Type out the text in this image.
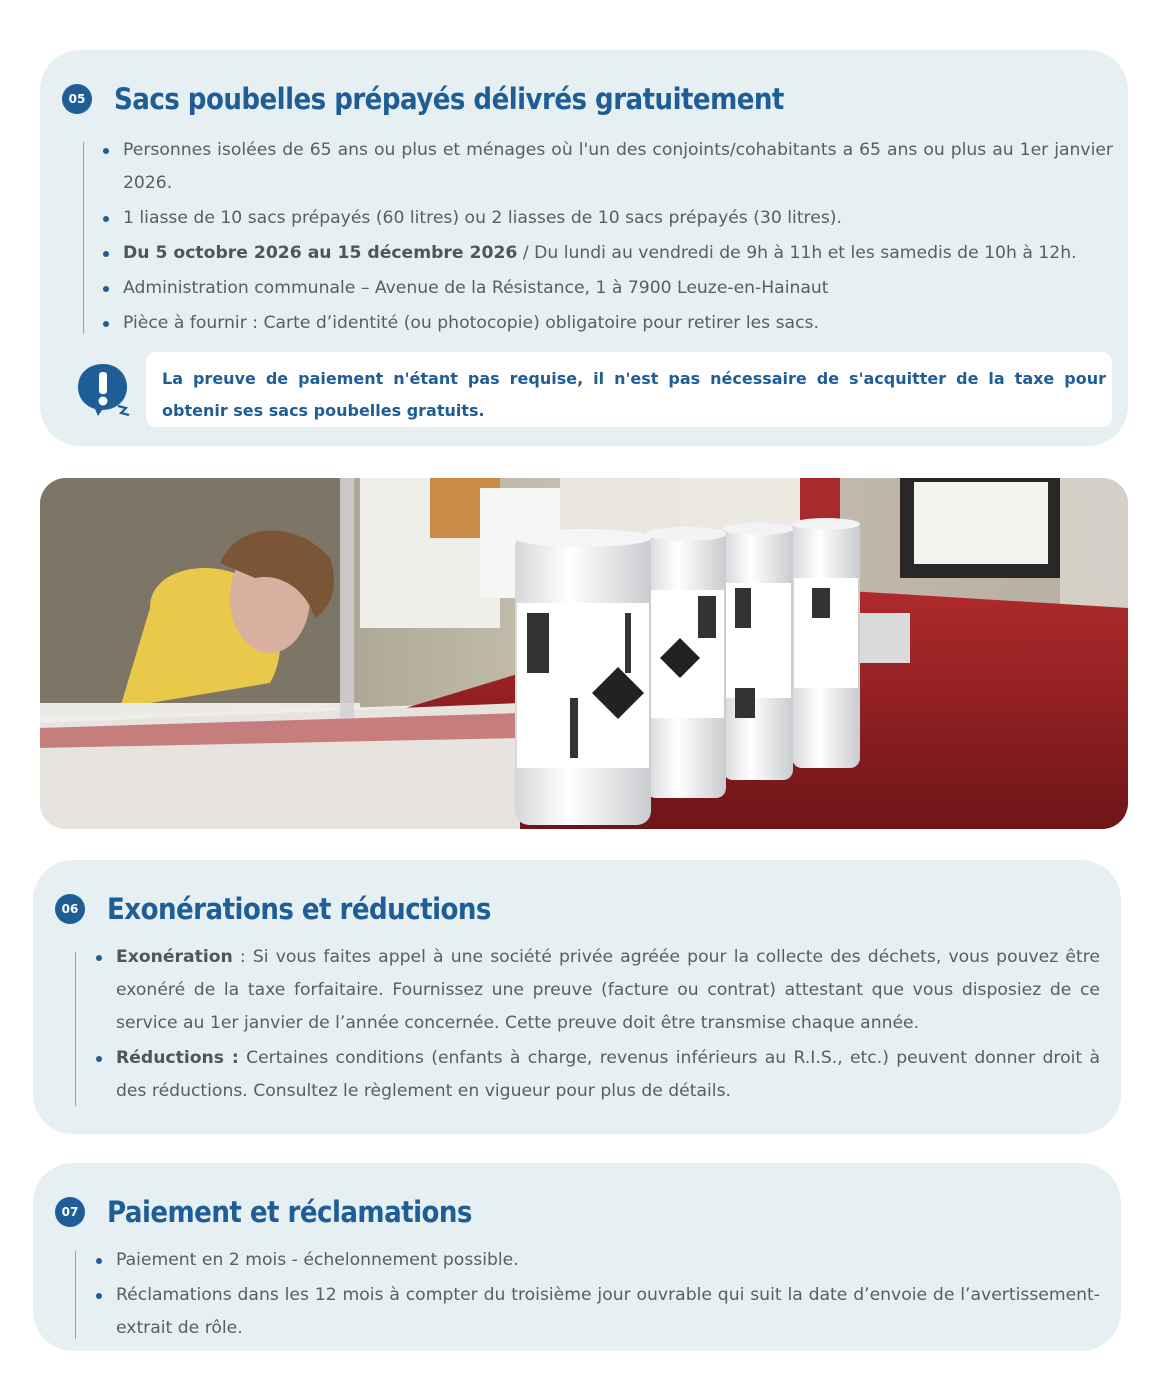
05 Sacs poubelles prépayés délivrés gratuitement
Personnes isolées de 65 ans ou plus et ménages où l'un des conjoints/cohabitants a 65 ans ou plus au 1er janvier 2026.
1 liasse de 10 sacs prépayés (60 litres) ou 2 liasses de 10 sacs prépayés (30 litres).
Du 5 octobre 2026 au 15 décembre 2026 / Du lundi au vendredi de 9h à 11h et les samedis de 10h à 12h.
Administration communale – Avenue de la Résistance, 1 à 7900 Leuze-en-Hainaut
Pièce à fournir : Carte d’identité (ou photocopie) obligatoire pour retirer les sacs.
La preuve de paiement n'étant pas requise, il n'est pas nécessaire de s'acquitter de la taxe pour obtenir ses sacs poubelles gratuits.
06 Exonérations et réductions
Exonération : Si vous faites appel à une société privée agréée pour la collecte des déchets, vous pouvez être exonéré de la taxe forfaitaire. Fournissez une preuve (facture ou contrat) attestant que vous disposiez de ce service au 1er janvier de l’année concernée. Cette preuve doit être transmise chaque année.
Réductions : Certaines conditions (enfants à charge, revenus inférieurs au R.I.S., etc.) peuvent donner droit à des réductions. Consultez le règlement en vigueur pour plus de détails.
07 Paiement et réclamations
Paiement en 2 mois - échelonnement possible.
Réclamations dans les 12 mois à compter du troisième jour ouvrable qui suit la date d’envoie de l’avertissement-extrait de rôle.
